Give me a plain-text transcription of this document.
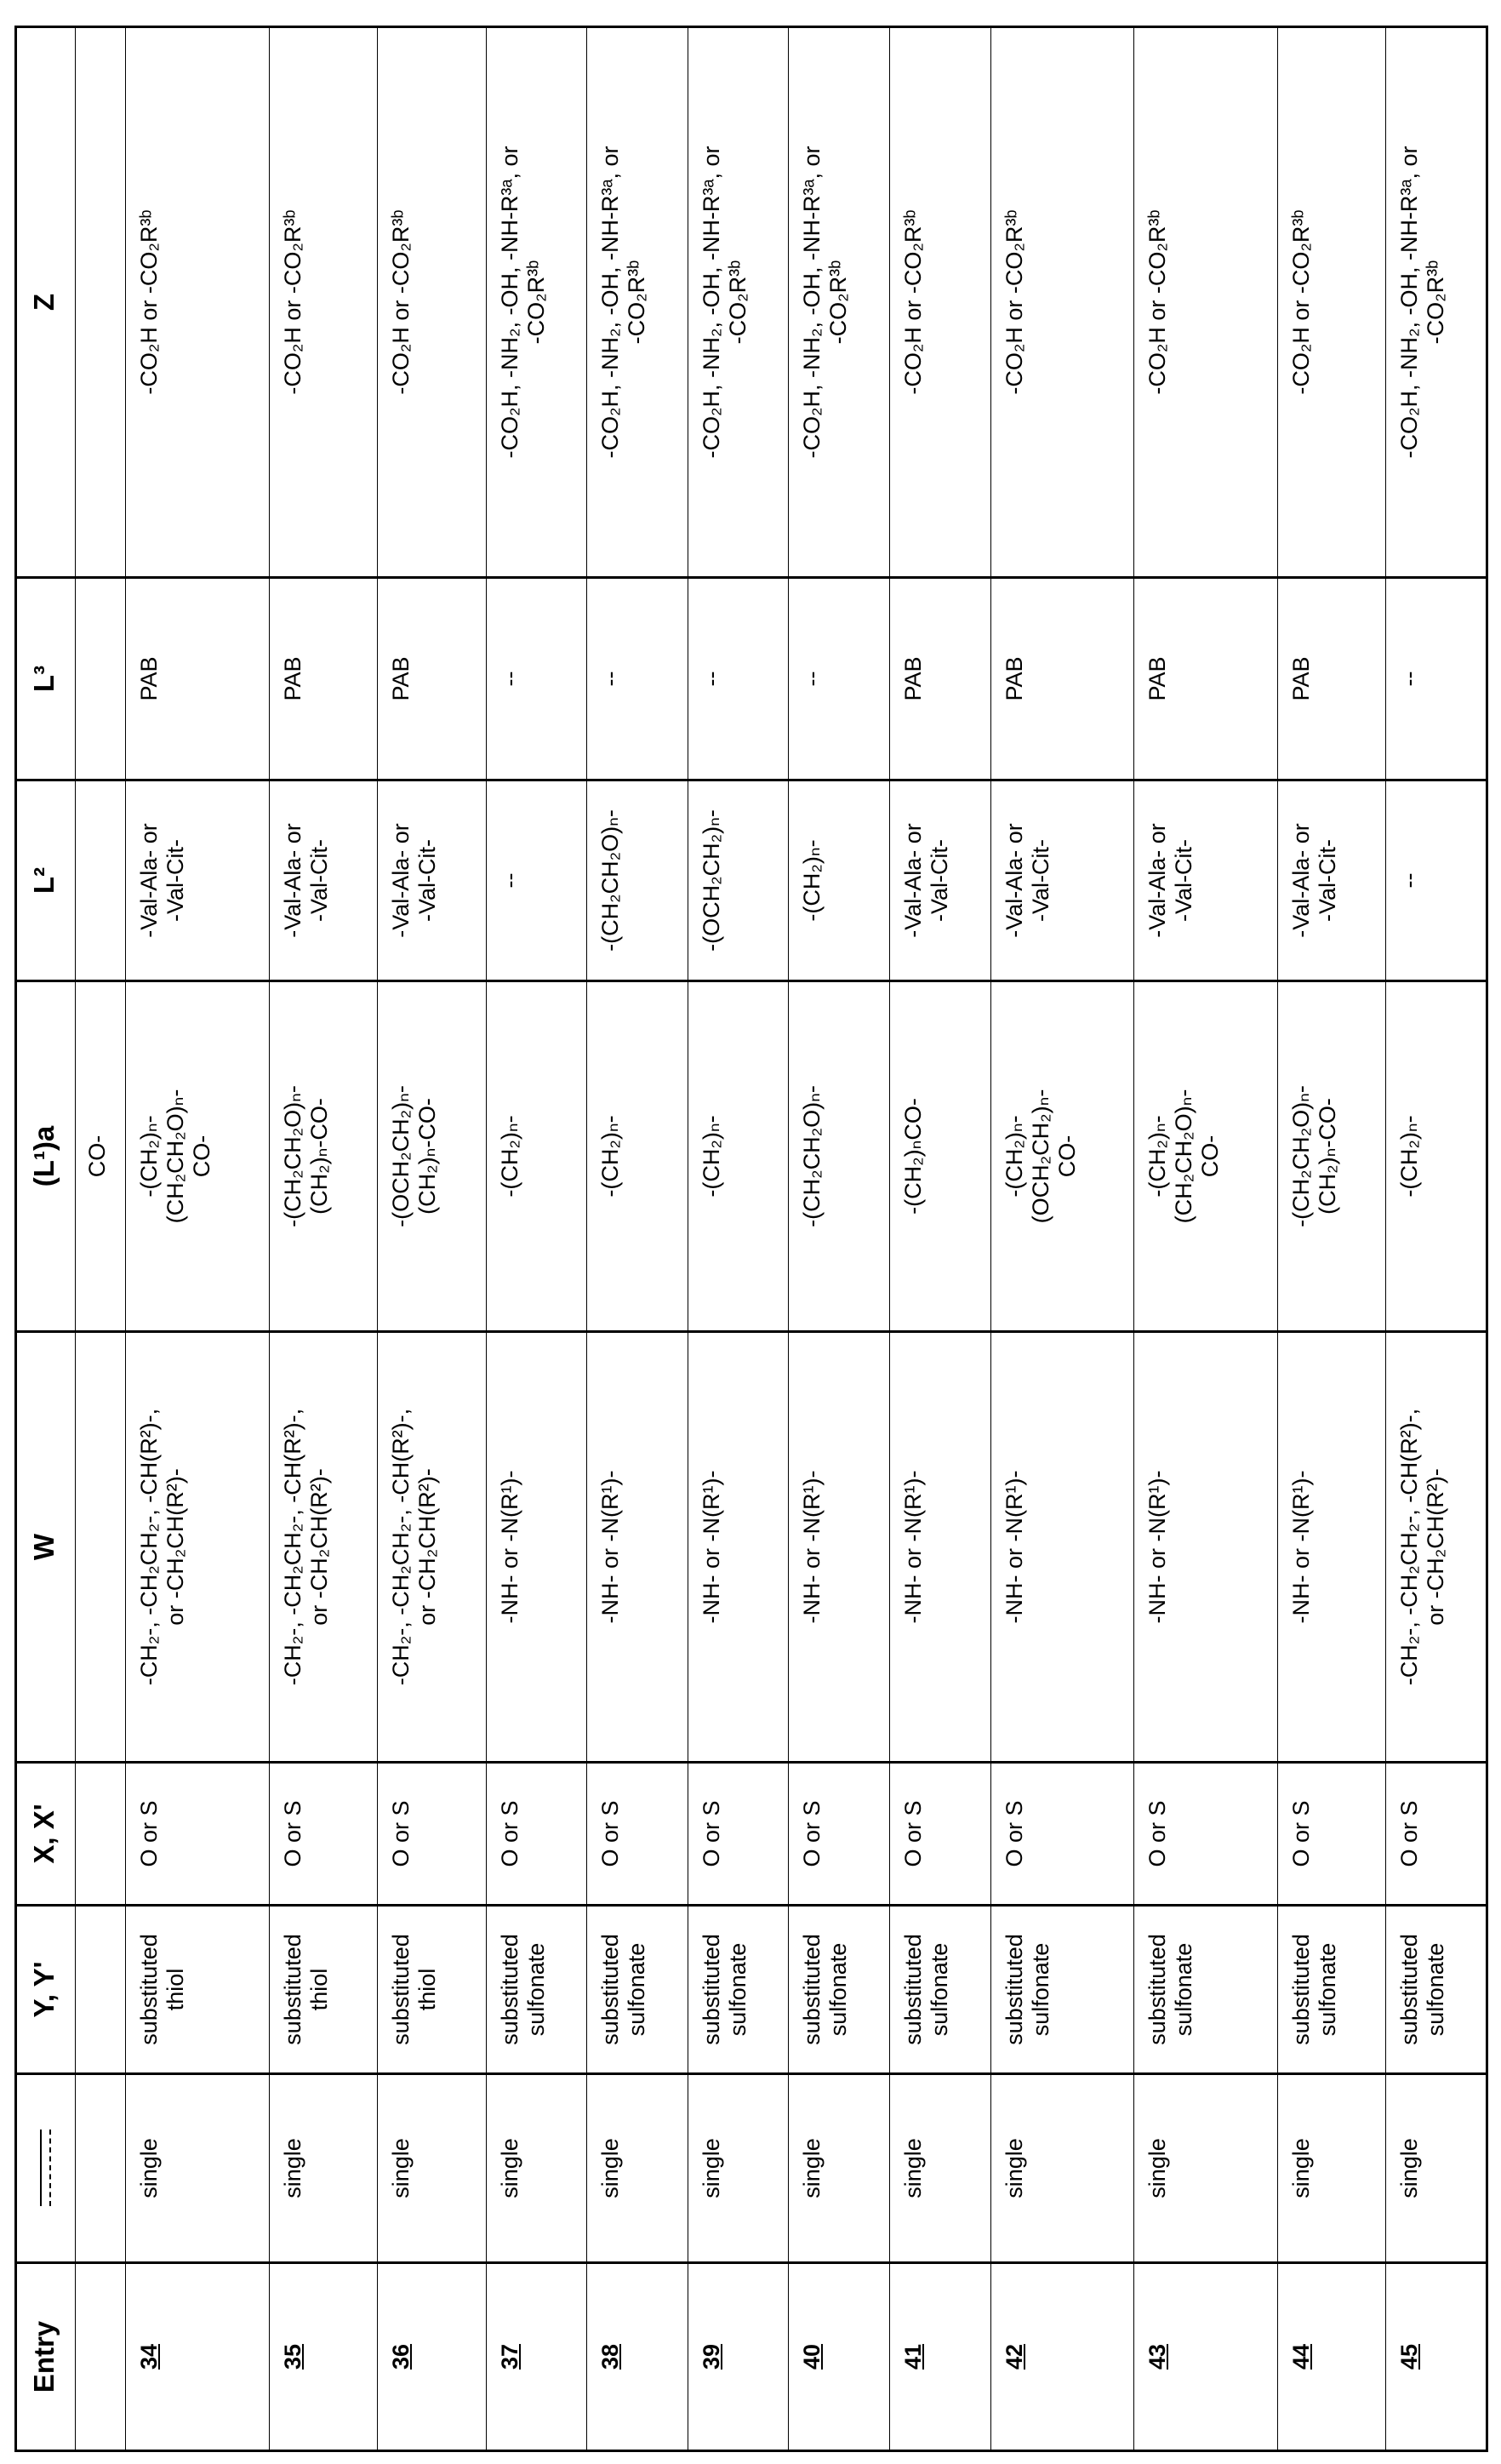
Entry		Y, Y'	X, X'	W	(L¹)a	L²	L³	Z
					CO-			
34	single	substituted
thiol	O or S	-CH₂-, -CH₂CH₂-, -CH(R²)-,
or -CH₂CH(R²)-	-(CH₂)ₙ-
(CH₂CH₂O)ₙ-
CO-	-Val-Ala- or
-Val-Cit-	PAB	-CO₂H or -CO₂R³ᵇ
35	single	substituted
thiol	O or S	-CH₂-, -CH₂CH₂-, -CH(R²)-,
or -CH₂CH(R²)-	-(CH₂CH₂O)ₙ-
(CH₂)ₙ-CO-	-Val-Ala- or
-Val-Cit-	PAB	-CO₂H or -CO₂R³ᵇ
36	single	substituted
thiol	O or S	-CH₂-, -CH₂CH₂-, -CH(R²)-,
or -CH₂CH(R²)-	-(OCH₂CH₂)ₙ-
(CH₂)ₙ-CO-	-Val-Ala- or
-Val-Cit-	PAB	-CO₂H or -CO₂R³ᵇ
37	single	substituted
sulfonate	O or S	-NH- or -N(R¹)-	-(CH₂)ₙ-	--	--	-CO₂H, -NH₂, -OH, -NH-R³ᵃ, or
-CO₂R³ᵇ
38	single	substituted
sulfonate	O or S	-NH- or -N(R¹)-	-(CH₂)ₙ-	-(CH₂CH₂O)ₙ-	--	-CO₂H, -NH₂, -OH, -NH-R³ᵃ, or
-CO₂R³ᵇ
39	single	substituted
sulfonate	O or S	-NH- or -N(R¹)-	-(CH₂)ₙ-	-(OCH₂CH₂)ₙ-	--	-CO₂H, -NH₂, -OH, -NH-R³ᵃ, or
-CO₂R³ᵇ
40	single	substituted
sulfonate	O or S	-NH- or -N(R¹)-	-(CH₂CH₂O)ₙ-	-(CH₂)ₙ-	--	-CO₂H, -NH₂, -OH, -NH-R³ᵃ, or
-CO₂R³ᵇ
41	single	substituted
sulfonate	O or S	-NH- or -N(R¹)-	-(CH₂)ₙCO-	-Val-Ala- or
-Val-Cit-	PAB	-CO₂H or -CO₂R³ᵇ
42	single	substituted
sulfonate	O or S	-NH- or -N(R¹)-	-(CH₂)ₙ-
(OCH₂CH₂)ₙ-
CO-	-Val-Ala- or
-Val-Cit-	PAB	-CO₂H or -CO₂R³ᵇ
43	single	substituted
sulfonate	O or S	-NH- or -N(R¹)-	-(CH₂)ₙ-
(CH₂CH₂O)ₙ-
CO-	-Val-Ala- or
-Val-Cit-	PAB	-CO₂H or -CO₂R³ᵇ
44	single	substituted
sulfonate	O or S	-NH- or -N(R¹)-	-(CH₂CH₂O)ₙ-
(CH₂)ₙ-CO-	-Val-Ala- or
-Val-Cit-	PAB	-CO₂H or -CO₂R³ᵇ
45	single	substituted
sulfonate	O or S	-CH₂-, -CH₂CH₂-, -CH(R²)-,
or -CH₂CH(R²)-	-(CH₂)ₙ-	--	--	-CO₂H, -NH₂, -OH, -NH-R³ᵃ, or
-CO₂R³ᵇ
